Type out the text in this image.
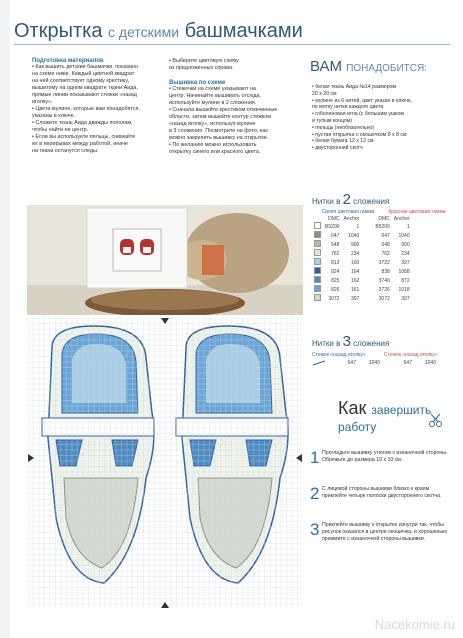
Открытка с детскими башмачками
Подготовка материалов
• Как вышить детские башмачки, показано
на схеме ниже. Каждый цветной квадрат
на ней соответствует одному крестику,
вышитому на одном квадрате ткани Аида,
прямые линии показывают стежки «назад
иголку».
• Цвета мулине, которые вам понадобятся,
указаны в ключе.
• Сложите ткань Аида дважды пополам,
чтобы найти ее центр.
• Если вы используете пяльцы, снимайте
их в перерывах между работой, иначе
на ткани останутся следы.
• Выберите цветовую схему
из предложенных справа.
Вышивка по схеме
• Стежочки на схеме указывают на
центр. Начинайте вышивать отсюда,
используйте мулине в 2 сложения.
• Сначала вышейте крестиком отмеченные
области, затем вышейте контур стежком
«назад иголку», используя мулине
в 3 сложения. Посмотрите на фото, как
можно закрепить вышивку на открытке.
• По желанию можно использовать
открытку синего или красного цвета.
ВАМ ПОНАДОБИТСЯ:
• белая ткань Аида №14 размером
20 х 20 см
• мулине из 6 нитей, цвет указан в ключе,
по мотку нитки каждого цвета
• гобеленовая игла (с большим ушком
и тупым концом)
• пяльцы (необязательно)
• пустая открытка с окошечком 8 х 8 см
• белая бумага 12 х 12 см
• двусторонний скотч
Нитки в 2 сложения
Синяя цветовая гамма	Красная цветовая гамма
	DMC	Anchor		DMC	Anchor
	B5200	1		B5200	1
	647	1040		647	1040
	648	900		648	900
	762	234		762	234
	813	160		3722	397
	824	164		838	1088
	825	162		3740	872
	826	161		3726	1018
	3072	397		3072	397
Нитки в 3 сложения
Стежок «назад иголку»	Стежок «назад иголку»
647	1040	647	1040
Как завершить
работу
1 Прогладьте вышивку утюгом с изнаночной стороны. Обрежьте до размера 10 х 10 см.
2 С лицевой стороны вышивки близко к краям приклейте четыре полоски двустороннего скотча.
3 Приклейте вышивку к открытке изнутри так, чтобы рисунок оказался в центре окошечка, и хорошенько прижмите с изнаночной стороны вышивки.
Nacekomie.ru
